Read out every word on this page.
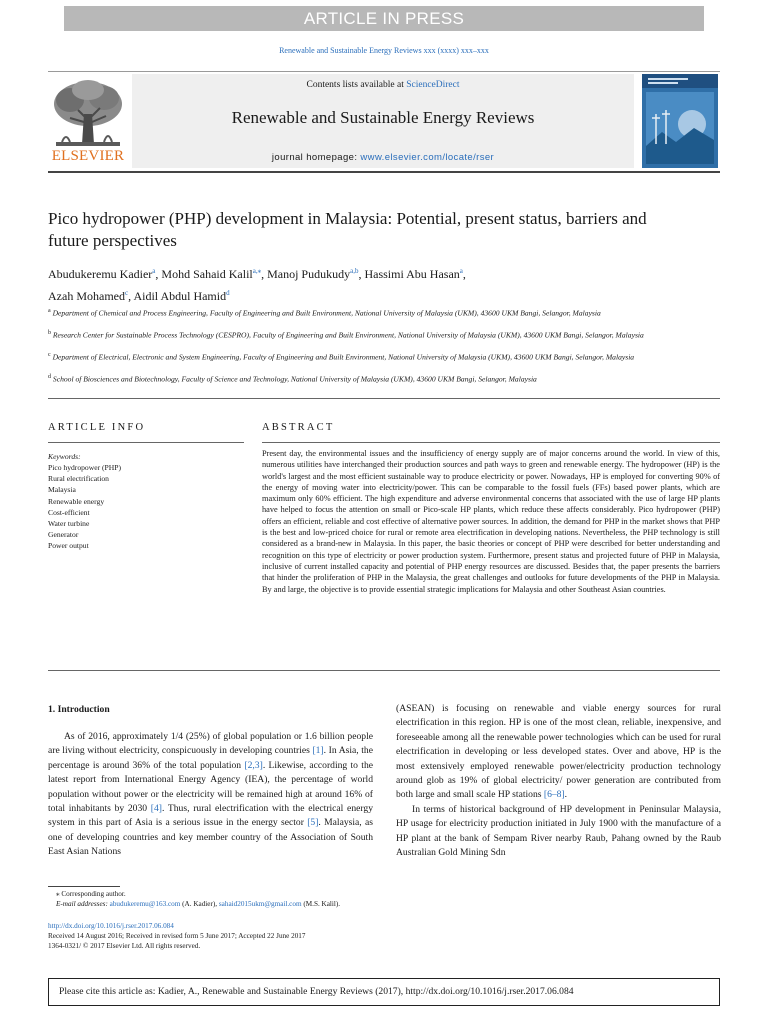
ARTICLE IN PRESS
Renewable and Sustainable Energy Reviews xxx (xxxx) xxx–xxx
ELSEVIER
Contents lists available at ScienceDirect
Renewable and Sustainable Energy Reviews
journal homepage: www.elsevier.com/locate/rser
Pico hydropower (PHP) development in Malaysia: Potential, present status, barriers and future perspectives
Abudukeremu Kadier$^a$, Mohd Sahaid Kalil$^{a,⁎}$, Manoj Pudukudy$^{a,b}$, Hassimi Abu Hasan$^a$,
Azah Mohamed$^c$, Aidil Abdul Hamid$^d$
$^a$ Department of Chemical and Process Engineering, Faculty of Engineering and Built Environment, National University of Malaysia (UKM), 43600 UKM Bangi, Selangor, Malaysia
$^b$ Research Center for Sustainable Process Technology (CESPRO), Faculty of Engineering and Built Environment, National University of Malaysia (UKM), 43600 UKM Bangi, Selangor, Malaysia
$^c$ Department of Electrical, Electronic and System Engineering, Faculty of Engineering and Built Environment, National University of Malaysia (UKM), 43600 UKM Bangi, Selangor, Malaysia
$^d$ School of Biosciences and Biotechnology, Faculty of Science and Technology, National University of Malaysia (UKM), 43600 UKM Bangi, Selangor, Malaysia
ARTICLE INFO	ABSTRACT
Keywords:
Pico hydropower (PHP)
Rural electrification
Malaysia
Renewable energy
Cost-efficient
Water turbine
Generator
Power output
Present day, the environmental issues and the insufficiency of energy supply are of major concerns around the world. In view of this, numerous utilities have interchanged their production sources and path ways to green and renewable energy. The hydropower (HP) is the world's largest and the most efficient sustainable way to produce electricity or power. Nowadays, HP is employed for converting 90% of the energy of moving water into electricity/power. This can be comparable to the fossil fuels (FFs) based power plants, which are maximum only 60% efficient. The high expenditure and adverse environmental concerns that associated with the use of large HP plants have helped to focus the attention on small or Pico-scale HP plants, which reduce these affects considerably. Pico hydropower (PHP) offers an efficient, reliable and cost effective of alternative power sources. In addition, the demand for PHP in the market shows that PHP is the best and low-priced choice for rural or remote area electrification in developing nations. Nevertheless, the PHP technology is still considered as a brand-new in Malaysia. In this paper, the basic theories or concept of PHP were described for better understanding and recognition on this type of electricity or power production system. Furthermore, present status and projected future of PHP in Malaysia, inclusive of current installed capacity and potential of PHP energy resources are discussed. Besides that, the paper presents the barriers that hinder the proliferation of PHP in the Malaysia, the great challenges and outlooks for future developments of the PHP in Malaysia. By and large, the objective is to provide essential strategic implications for Malaysia and other Southeast Asian countries.
1. Introduction
As of 2016, approximately 1/4 (25%) of global population or 1.6 billion people are living without electricity, conspicuously in developing countries [1]. In Asia, the percentage is around 36% of the total population [2,3]. Likewise, according to the latest report from International Energy Agency (IEA), the percentage of world population without power or the electricity will be remained high at around 16% of total inhabitants by 2030 [4]. Thus, rural electrification with the electrical energy system in this part of Asia is a serious issue in the energy sector [5]. Malaysia, as one of developing countries and key member country of the Association of South East Asian Nations

(ASEAN) is focusing on renewable and viable energy sources for rural electrification in this region. HP is one of the most clean, reliable, inexpensive, and foreseeable among all the renewable power technologies which can be used for rural electrification in developing or less developed states. Over and above, HP is the most extensively employed renewable power/electricity production technology around glob as 19% of global electricity/ power generation are contributed from both large and small scale HP stations [6–8].

In terms of historical background of HP development in Peninsular Malaysia, HP usage for electricity production initiated in July 1900 with the manufacture of a HP plant at the bank of Sempam River nearby Raub, Pahang owned by the Raub Australian Gold Mining Sdn

⁎ Corresponding author.
E-mail addresses: abudukeremu@163.com (A. Kadier), sahaid2015ukm@gmail.com (M.S. Kalil).
http://dx.doi.org/10.1016/j.rser.2017.06.084
Received 14 August 2016; Received in revised form 5 June 2017; Accepted 22 June 2017
1364-0321/ © 2017 Elsevier Ltd. All rights reserved.
Please cite this article as: Kadier, A., Renewable and Sustainable Energy Reviews (2017), http://dx.doi.org/10.1016/j.rser.2017.06.084
